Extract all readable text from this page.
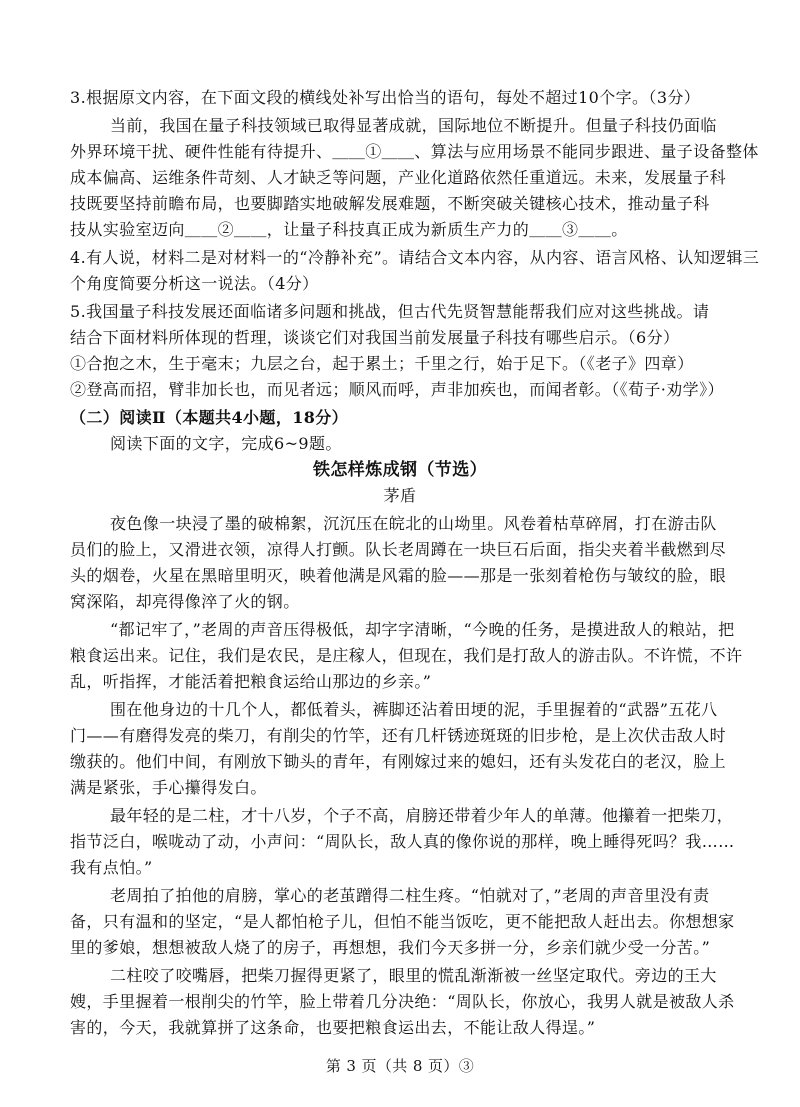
3.根据原文内容，在下面文段的横线处补写出恰当的语句，每处不超过10个字。（3分）
当前，我国在量子科技领域已取得显著成就，国际地位不断提升。但量子科技仍面临
外界环境干扰、硬件性能有待提升、＿＿①＿＿、算法与应用场景不能同步跟进、量子设备整体
成本偏高、运维条件苛刻、人才缺乏等问题，产业化道路依然任重道远。未来，发展量子科
技既要坚持前瞻布局，也要脚踏实地破解发展难题，不断突破关键核心技术，推动量子科
技从实验室迈向＿＿②＿＿，让量子科技真正成为新质生产力的＿＿③＿＿。
4.有人说，材料二是对材料一的“冷静补充”。请结合文本内容，从内容、语言风格、认知逻辑三
个角度简要分析这一说法。（4分）
5.我国量子科技发展还面临诸多问题和挑战，但古代先贤智慧能帮我们应对这些挑战。请
结合下面材料所体现的哲理，谈谈它们对我国当前发展量子科技有哪些启示。（6分）
①合抱之木，生于毫末；九层之台，起于累土；千里之行，始于足下。（《老子》四章）
②登高而招，臂非加长也，而见者远；顺风而呼，声非加疾也，而闻者彰。（《荀子·劝学》）
（二）阅读Ⅱ（本题共4小题，18分）
阅读下面的文字，完成6~9题。
铁怎样炼成钢（节选）
茅盾
夜色像一块浸了墨的破棉絮，沉沉压在皖北的山坳里。风卷着枯草碎屑，打在游击队
员们的脸上，又滑进衣领，凉得人打颤。队长老周蹲在一块巨石后面，指尖夹着半截燃到尽
头的烟卷，火星在黑暗里明灭，映着他满是风霜的脸——那是一张刻着枪伤与皱纹的脸，眼
窝深陷，却亮得像淬了火的钢。
“都记牢了，”老周的声音压得极低，却字字清晰，“今晚的任务，是摸进敌人的粮站，把
粮食运出来。记住，我们是农民，是庄稼人，但现在，我们是打敌人的游击队。不许慌，不许
乱，听指挥，才能活着把粮食运给山那边的乡亲。”
围在他身边的十几个人，都低着头，裤脚还沾着田埂的泥，手里握着的“武器”五花八
门——有磨得发亮的柴刀，有削尖的竹竿，还有几杆锈迹斑斑的旧步枪，是上次伏击敌人时
缴获的。他们中间，有刚放下锄头的青年，有刚嫁过来的媳妇，还有头发花白的老汉，脸上
满是紧张，手心攥得发白。
最年轻的是二柱，才十八岁，个子不高，肩膀还带着少年人的单薄。他攥着一把柴刀，
指节泛白，喉咙动了动，小声问：“周队长，敌人真的像你说的那样，晚上睡得死吗？我……
我有点怕。”
老周拍了拍他的肩膀，掌心的老茧蹭得二柱生疼。“怕就对了，”老周的声音里没有责
备，只有温和的坚定，“是人都怕枪子儿，但怕不能当饭吃，更不能把敌人赶出去。你想想家
里的爹娘，想想被敌人烧了的房子，再想想，我们今天多拼一分，乡亲们就少受一分苦。”
二柱咬了咬嘴唇，把柴刀握得更紧了，眼里的慌乱渐渐被一丝坚定取代。旁边的王大
嫂，手里握着一根削尖的竹竿，脸上带着几分决绝：“周队长，你放心，我男人就是被敌人杀
害的，今天，我就算拼了这条命，也要把粮食运出去，不能让敌人得逞。”
第 3 页（共 8 页）③
